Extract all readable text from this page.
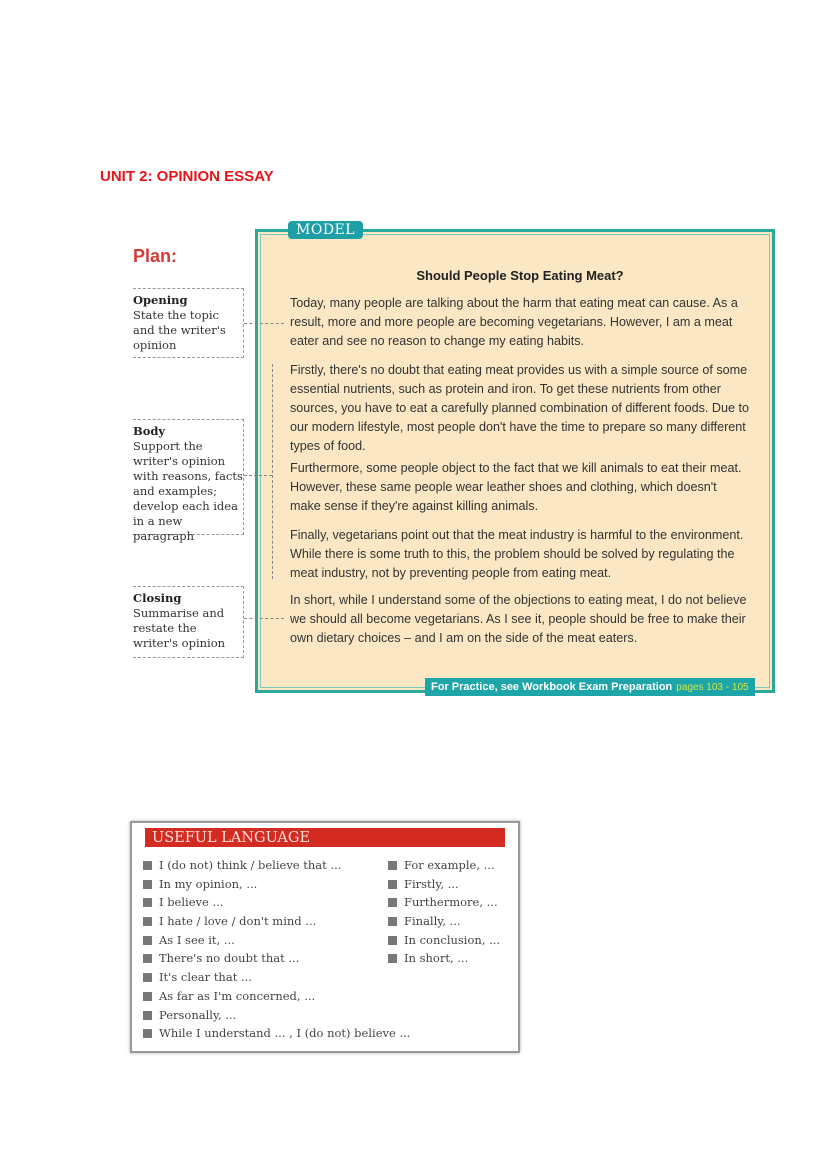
UNIT 2: OPINION ESSAY
MODEL
Plan:
Opening
State the topic and the writer's opinion
Body
Support the writer's opinion with reasons, facts and examples; develop each idea in a new paragraph
Closing
Summarise and restate the writer's opinion
Should People Stop Eating Meat?
Today, many people are talking about the harm that eating meat can cause. As a result, more and more people are becoming vegetarians. However, I am a meat eater and see no reason to change my eating habits.
Firstly, there's no doubt that eating meat provides us with a simple source of some essential nutrients, such as protein and iron. To get these nutrients from other sources, you have to eat a carefully planned combination of different foods. Due to our modern lifestyle, most people don't have the time to prepare so many different types of food.
Furthermore, some people object to the fact that we kill animals to eat their meat. However, these same people wear leather shoes and clothing, which doesn't make sense if they're against killing animals.
Finally, vegetarians point out that the meat industry is harmful to the environment. While there is some truth to this, the problem should be solved by regulating the meat industry, not by preventing people from eating meat.
In short, while I understand some of the objections to eating meat, I do not believe we should all become vegetarians. As I see it, people should be free to make their own dietary choices – and I am on the side of the meat eaters.
For Practice, see Workbook Exam Preparation pages 103 - 105
USEFUL LANGUAGE
I (do not) think / believe that ...
In my opinion, ...
I believe ...
I hate / love / don't mind ...
As I see it, ...
There's no doubt that ...
It's clear that ...
As far as I'm concerned, ...
Personally, ...
While I understand ... , I (do not) believe ...
For example, ...
Firstly, ...
Furthermore, ...
Finally, ...
In conclusion, ...
In short, ...
